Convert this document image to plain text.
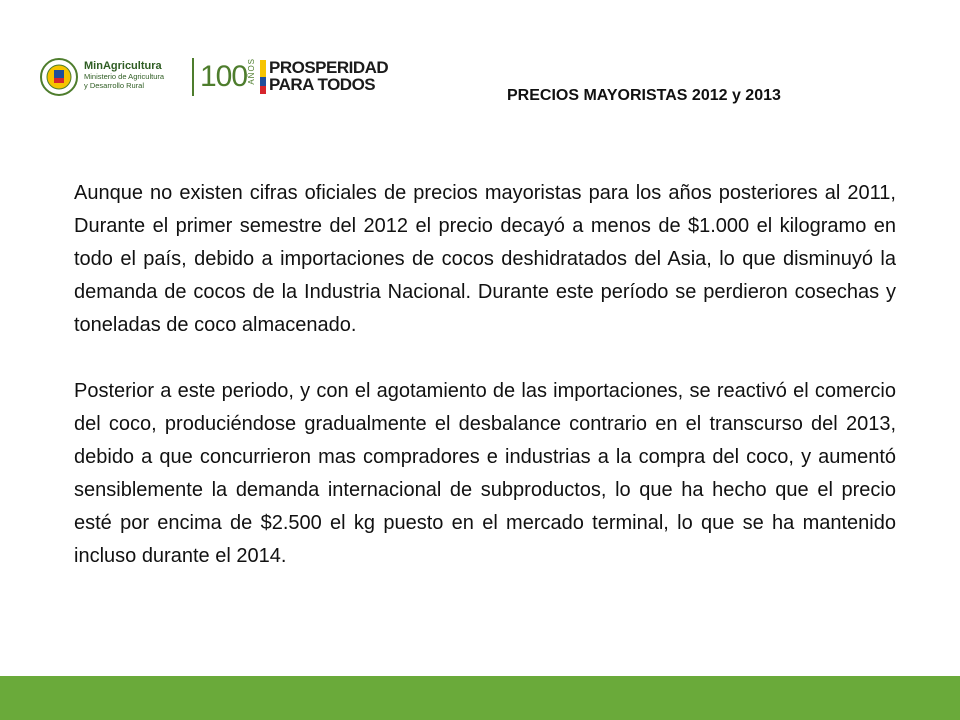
MinAgricultura
Ministerio de Agricultura
y Desarrollo Rural	100 AÑOS PROSPERIDAD
PARA TODOS
PRECIOS MAYORISTAS 2012 y 2013

Aunque no existen cifras oficiales de precios mayoristas para los años posteriores al 2011, Durante el primer semestre del 2012 el precio decayó a menos de $1.000 el kilogramo en todo el país, debido a importaciones de cocos deshidratados del Asia, lo que disminuyó la demanda de cocos de la Industria Nacional. Durante este período se perdieron cosechas y toneladas de coco almacenado.

Posterior a este periodo, y con el agotamiento de las importaciones, se reactivó el comercio del coco, produciéndose gradualmente el desbalance contrario en el transcurso del 2013, debido a que concurrieron mas compradores e industrias a la compra del coco, y aumentó sensiblemente la demanda internacional de subproductos, lo que ha hecho que el precio esté por encima de $2.500 el kg puesto en el mercado terminal, lo que se ha mantenido incluso durante el 2014.
